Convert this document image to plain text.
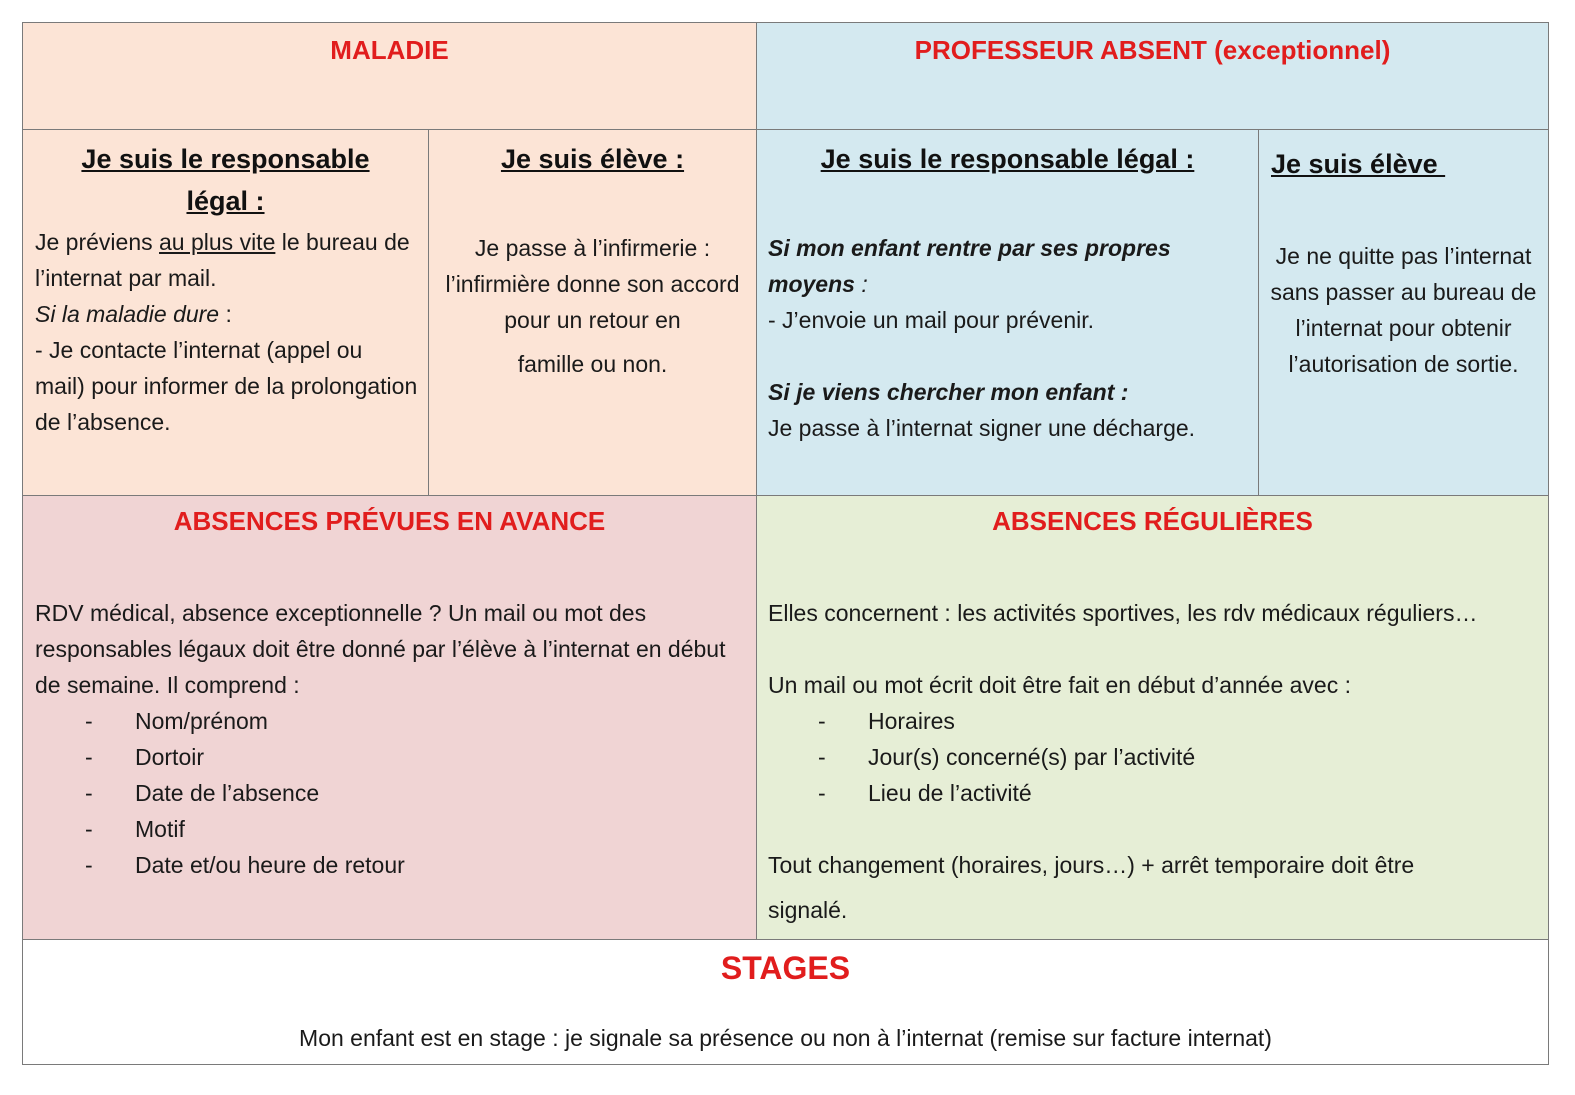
MALADIE	PROFESSEUR ABSENT (exceptionnel)
Je suis le responsable légal :

Je préviens au plus vite le bureau de l’internat par mail.

Si la maladie dure :

- Je contacte l’internat (appel ou mail) pour informer de la prolongation de l’absence.

Je suis élève :

Je passe à l’infirmerie : l’infirmière donne son accord pour un retour en

famille ou non.

Je suis le responsable légal :

Si mon enfant rentre par ses propres moyens :

- J’envoie un mail pour prévenir.

Si je viens chercher mon enfant :

Je passe à l’internat signer une décharge.

Je suis élève
Je ne quitte pas l’internat sans passer au bureau de l’internat pour obtenir l’autorisation de sortie.
ABSENCES PRÉVUES EN AVANCE

RDV médical, absence exceptionnelle ? Un mail ou mot des responsables légaux doit être donné par l’élève à l’internat en début de semaine. Il comprend :

- Nom/prénom
- Dortoir
- Date de l’absence
- Motif
- Date et/ou heure de retour
ABSENCES RÉGULIÈRES

Elles concernent : les activités sportives, les rdv médicaux réguliers…

Un mail ou mot écrit doit être fait en début d’année avec :

- Horaires
- Jour(s) concerné(s) par l’activité
- Lieu de l’activité

Tout changement (horaires, jours…) + arrêt temporaire doit être

signalé.

STAGES
Mon enfant est en stage : je signale sa présence ou non à l’internat (remise sur facture internat)
